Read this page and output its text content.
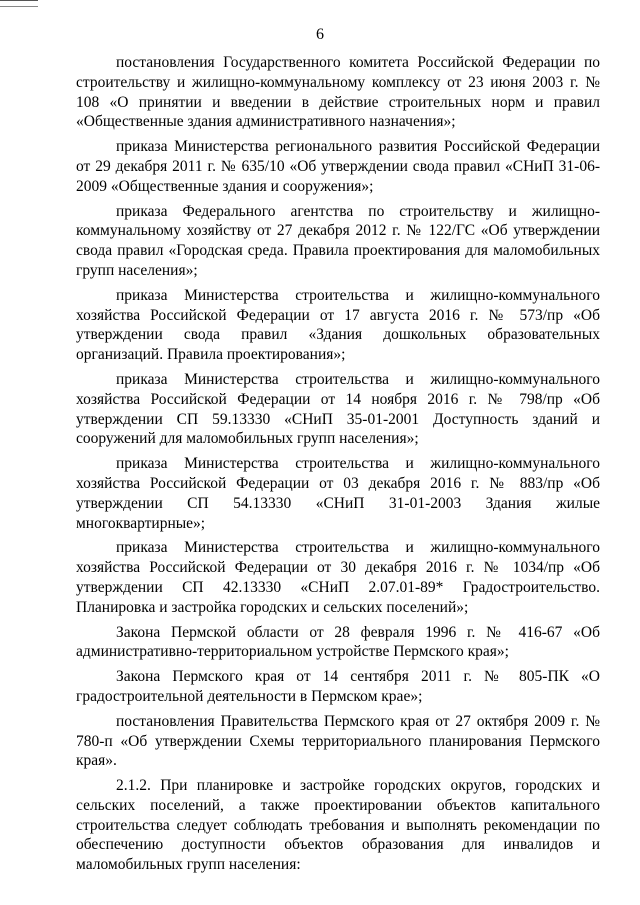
6

постановления Государственного комитета Российской Федерации по строительству и жилищно-коммунальному комплексу от 23 июня 2003 г. № 108 «О принятии и введении в действие строительных норм и правил «Общественные здания административного назначения»;

приказа Министерства регионального развития Российской Федерации от 29 декабря 2011 г. № 635/10 «Об утверждении свода правил «СНиП 31-06-2009 «Общественные здания и сооружения»;

приказа Федерального агентства по строительству и жилищно-коммунальному хозяйству от 27 декабря 2012 г. № 122/ГС «Об утверждении свода правил «Городская среда. Правила проектирования для маломобильных групп населения»;

приказа Министерства строительства и жилищно-коммунального хозяйства Российской Федерации от 17 августа 2016 г. № 573/пр «Об утверждении свода правил «Здания дошкольных образовательных организаций. Правила проектирования»;

приказа Министерства строительства и жилищно-коммунального хозяйства Российской Федерации от 14 ноября 2016 г. № 798/пр «Об утверждении СП 59.13330 «СНиП 35-01-2001 Доступность зданий и сооружений для маломобильных групп населения»;

приказа Министерства строительства и жилищно-коммунального хозяйства Российской Федерации от 03 декабря 2016 г. № 883/пр «Об утверждении СП 54.13330 «СНиП 31-01-2003 Здания жилые многоквартирные»;

приказа Министерства строительства и жилищно-коммунального хозяйства Российской Федерации от 30 декабря 2016 г. № 1034/пр «Об утверждении СП 42.13330 «СНиП 2.07.01-89* Градостроительство. Планировка и застройка городских и сельских поселений»;

Закона Пермской области от 28 февраля 1996 г. № 416-67 «Об административно-территориальном устройстве Пермского края»;

Закона Пермского края от 14 сентября 2011 г. № 805-ПК «О градостроительной деятельности в Пермском крае»;

постановления Правительства Пермского края от 27 октября 2009 г. № 780-п «Об утверждении Схемы территориального планирования Пермского края».

2.1.2. При планировке и застройке городских округов, городских и сельских поселений, а также проектировании объектов капитального строительства следует соблюдать требования и выполнять рекомендации по обеспечению доступности объектов образования для инвалидов и маломобильных групп населения:
